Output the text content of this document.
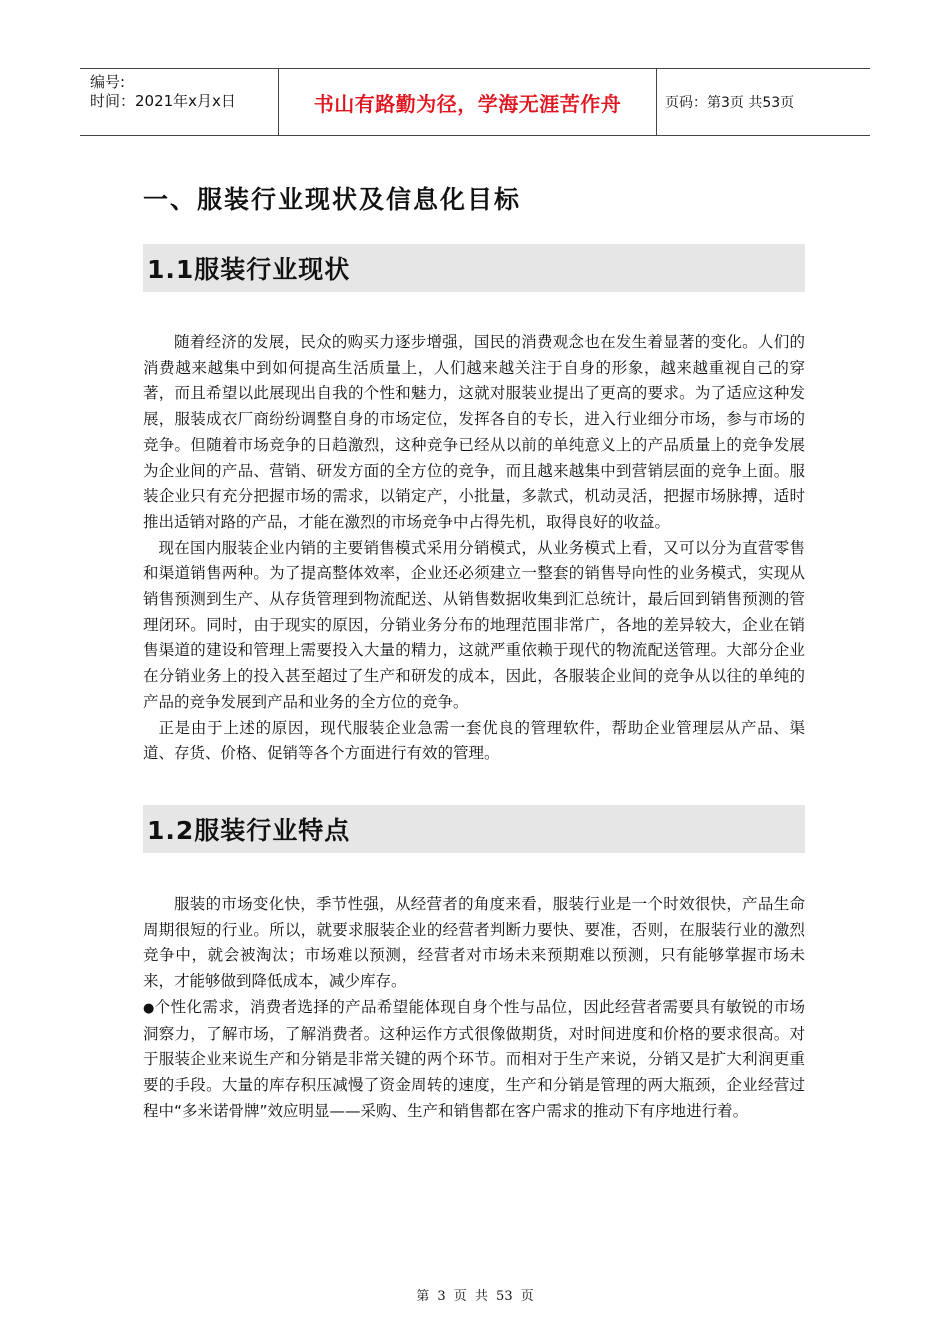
编号:
时间：2021年x月x日	书山有路勤为径，学海无涯苦作舟	页码：第3页 共53页
一、服装行业现状及信息化目标
1.1服装行业现状

随着经济的发展，民众的购买力逐步增强，国民的消费观念也在发生着显著的变化。人们的消费越来越集中到如何提高生活质量上，人们越来越关注于自身的形象，越来越重视自己的穿著，而且希望以此展现出自我的个性和魅力，这就对服装业提出了更高的要求。为了适应这种发展，服装成衣厂商纷纷调整自身的市场定位，发挥各自的专长，进入行业细分市场，参与市场的竞争。但随着市场竞争的日趋激烈，这种竞争已经从以前的单纯意义上的产品质量上的竞争发展为企业间的产品、营销、研发方面的全方位的竞争，而且越来越集中到营销层面的竞争上面。服装企业只有充分把握市场的需求，以销定产，小批量，多款式，机动灵活，把握市场脉搏，适时推出适销对路的产品，才能在激烈的市场竞争中占得先机，取得良好的收益。

现在国内服装企业内销的主要销售模式采用分销模式，从业务模式上看，又可以分为直营零售和渠道销售两种。为了提高整体效率，企业还必须建立一整套的销售导向性的业务模式，实现从销售预测到生产、从存货管理到物流配送、从销售数据收集到汇总统计，最后回到销售预测的管理闭环。同时，由于现实的原因，分销业务分布的地理范围非常广，各地的差异较大，企业在销售渠道的建设和管理上需要投入大量的精力，这就严重依赖于现代的物流配送管理。大部分企业在分销业务上的投入甚至超过了生产和研发的成本，因此，各服装企业间的竞争从以往的单纯的产品的竞争发展到产品和业务的全方位的竞争。

正是由于上述的原因，现代服装企业急需一套优良的管理软件，帮助企业管理层从产品、渠道、存货、价格、促销等各个方面进行有效的管理。

1.2服装行业特点

服装的市场变化快，季节性强，从经营者的角度来看，服装行业是一个时效很快，产品生命周期很短的行业。所以，就要求服装企业的经营者判断力要快、要准，否则，在服装行业的激烈竞争中，就会被淘汰；市场难以预测，经营者对市场未来预期难以预测，只有能够掌握市场未来，才能够做到降低成本，减少库存。

●个性化需求，消费者选择的产品希望能体现自身个性与品位，因此经营者需要具有敏锐的市场洞察力，了解市场，了解消费者。这种运作方式很像做期货，对时间进度和价格的要求很高。对于服装企业来说生产和分销是非常关键的两个环节。而相对于生产来说，分销又是扩大利润更重要的手段。大量的库存积压减慢了资金周转的速度，生产和分销是管理的两大瓶颈，企业经营过程中“多米诺骨牌”效应明显——采购、生产和销售都在客户需求的推动下有序地进行着。

第 3 页 共 53 页
